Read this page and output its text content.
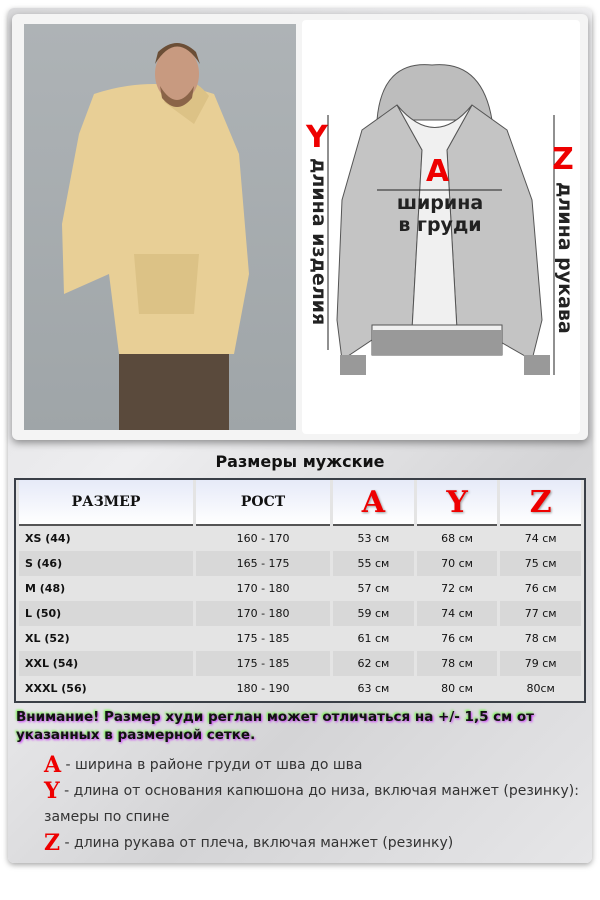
Y
длина изделия	A
ширина
в груди
Z
длина рукава
Размеры мужские
РАЗМЕР	РОСТ	A	Y	Z
XS (44)	160 - 170	53 см	68 см	74 см
S (46)	165 - 175	55 см	70 см	75 см
M (48)	170 - 180	57 см	72 см	76 см
L (50)	170 - 180	59 см	74 см	77 см
XL (52)	175 - 185	61 см	76 см	78 см
XXL (54)	175 - 185	62 см	78 см	79 см
XXXL (56)	180 - 190	63 см	80 см	80см
Внимание! Размер худи реглан может отличаться на +/- 1,5 см от указанных в размерной сетке.
A - ширина в районе груди от шва до шва
Y - длина от основания капюшона до низа, включая манжет (резинку): замеры по спине
Z - длина рукава от плеча, включая манжет (резинку)
